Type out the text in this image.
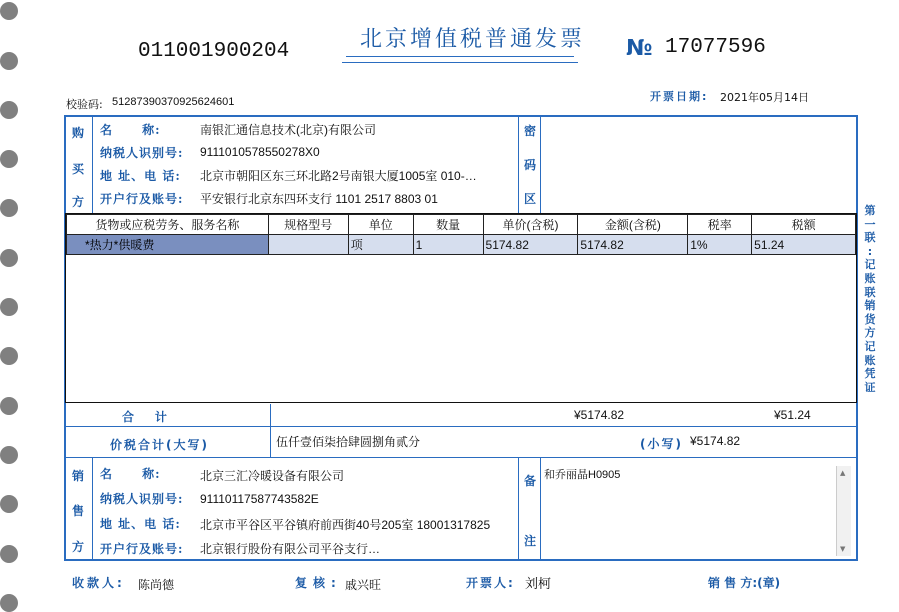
011001900204	北京增值税普通发票 № 17077596
校验码: 51287390370925624601	开票日期: 2021年05月14日
购
买
方
名 称:	南银汇通信息技术(北京)有限公司
纳税人识别号: 9111010578550278X0
地 址、电 话: 北京市朝阳区东三环北路2号南银大厦1005室 010-…
开户行及账号: 平安银行北京东四环支行 1101 2517 8803 01
密
码
区
第
一
联
:
记
账
联
销
货
方
记
账
凭
证
货物或应税劳务、服务名称	规格型号	单位	数量	单价(含税)	金额(含税)	税率	税额
*热力*供暖费		项	1	5174.82	5174.82	1%	51.24
合     计	¥5174.82	¥51.24
价税合计(大写)	伍仟壹佰柒拾肆圆捌角贰分	(小写) ¥5174.82
销
售
方
名 称:	北京三汇冷暖设备有限公司
纳税人识别号: 91110117587743582E
地 址、电 话: 北京市平谷区平谷镇府前西街40号205室 18001317825
开户行及账号: 北京银行股份有限公司平谷支行…
备
注
和乔丽晶H0905	▲
▼
收款人: 陈尚德	复核: 戚兴旺	开票人: 刘柯	销 售 方:(章)
